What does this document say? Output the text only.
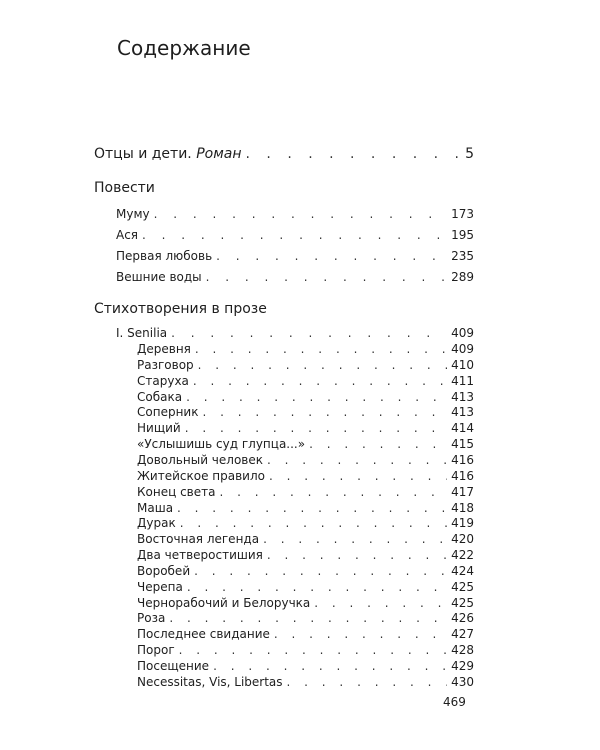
Содержание
Отцы и дети. Роман . . .	5
Повести
Муму . . .	173
Ася . . .	195
Первая любовь . . .	235
Вешние воды . . .	289
Стихотворения в прозе
I. Senilia . . .	409
Деревня . . .	409
Разговор . . .	410
Старуха . . .	411
Собака . . .	413
Соперник . . .	413
Нищий . . .	414
«Услышишь суд глупца...» . . .	415
Довольный человек . . .	416
Житейское правило . . .	416
Конец света . . .	417
Маша . . .	418
Дурак . . .	419
Восточная легенда . . .	420
Два четверостишия . . .	422
Воробей . . .	424
Черепа . . .	425
Чернорабочий и Белоручка . . .	425
Роза . . .	426
Последнее свидание . . .	427
Порог . . .	428
Посещение . . .	429
Necessitas, Vis, Libertas . . .	430
469
